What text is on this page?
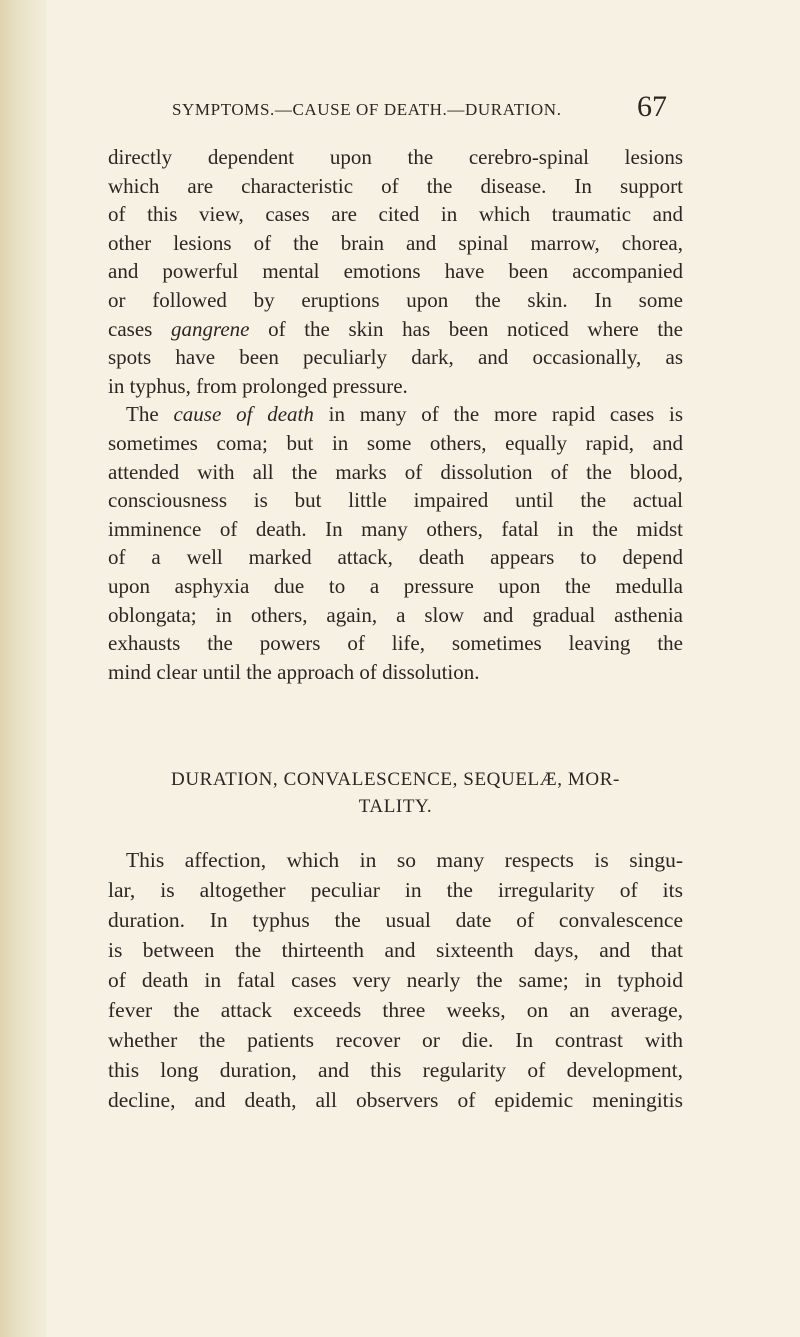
SYMPTOMS.—CAUSE OF DEATH.—DURATION.	67

directly dependent upon the cerebro-spinal lesions
which are characteristic of the disease. In support
of this view, cases are cited in which traumatic and
other lesions of the brain and spinal marrow, chorea,
and powerful mental emotions have been accompanied
or followed by eruptions upon the skin. In some
cases gangrene of the skin has been noticed where the
spots have been peculiarly dark, and occasionally, as
in typhus, from prolonged pressure.

The cause of death in many of the more rapid cases is
sometimes coma; but in some others, equally rapid, and
attended with all the marks of dissolution of the blood,
consciousness is but little impaired until the actual
imminence of death. In many others, fatal in the midst
of a well marked attack, death appears to depend
upon asphyxia due to a pressure upon the medulla
oblongata; in others, again, a slow and gradual asthenia
exhausts the powers of life, sometimes leaving the
mind clear until the approach of dissolution.

DURATION, CONVALESCENCE, SEQUELÆ, MOR-
TALITY.

This affection, which in so many respects is singu-
lar, is altogether peculiar in the irregularity of its
duration. In typhus the usual date of convalescence
is between the thirteenth and sixteenth days, and that
of death in fatal cases very nearly the same; in typhoid
fever the attack exceeds three weeks, on an average,
whether the patients recover or die. In contrast with
this long duration, and this regularity of development,
decline, and death, all observers of epidemic meningitis
